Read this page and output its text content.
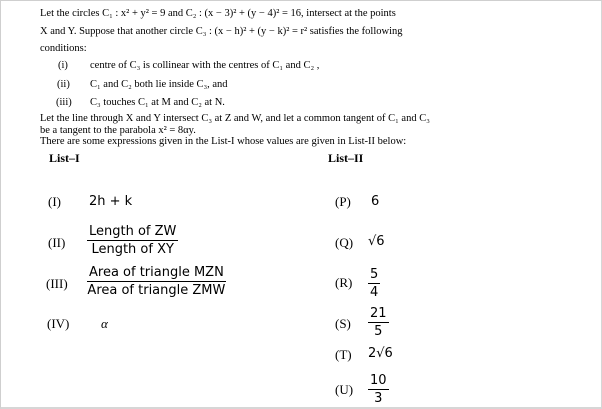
Let the circles C₁ : x² + y² = 9 and C₂ : (x − 3)² + (y − 4)² = 16, intersect at the points
X and Y. Suppose that another circle C₃ : (x − h)² + (y − k)² = r² satisfies the following
conditions:
(i) centre of C₃ is collinear with the centres of C₁ and C₂ ,
(ii) C₁ and C₂ both lie inside C₃, and
(iii) C₃ touches C₁ at M and C₂ at N.
Let the line through X and Y intersect C₃ at Z and W, and let a common tangent of C₁ and C₃
be a tangent to the parabola x² = 8αy.
There are some expressions given in the List-I whose values are given in List-II below:
List–I	List–II
(I) 2h + k
(II)
Length of ZW
Length of XY
(III)
Area of triangle MZN
Area of triangle ZMW
(IV) α
(P) 6
(Q) √6
$(R) \frac{5}{4}$
$(S) \frac{21}{5}$
(T) 2√6
$(U) \frac{10}{3}$
